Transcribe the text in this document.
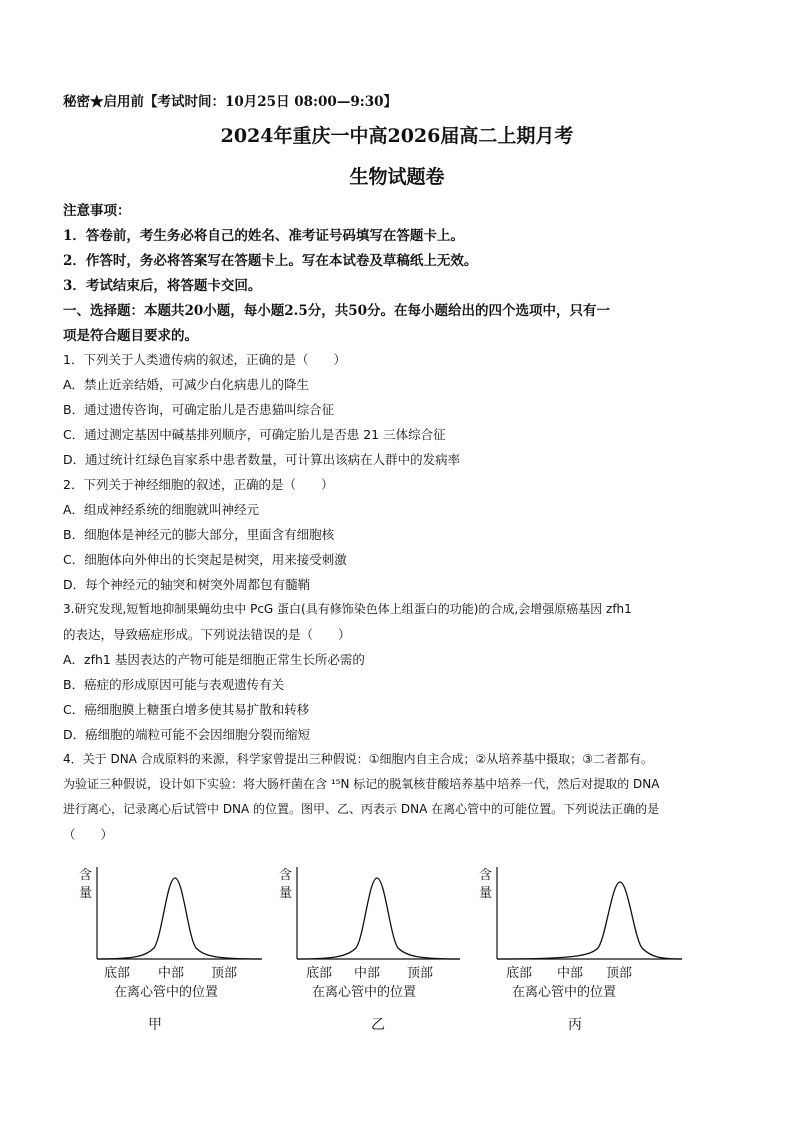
秘密★启用前【考试时间：10月25日 08:00—9:30】
2024年重庆一中高2026届高二上期月考
生物试题卷
注意事项：
1．答卷前，考生务必将自己的姓名、准考证号码填写在答题卡上。
2．作答时，务必将答案写在答题卡上。写在本试卷及草稿纸上无效。
3．考试结束后，将答题卡交回。
一、选择题：本题共20小题，每小题2.5分，共50分。在每小题给出的四个选项中，只有一
项是符合题目要求的。
1．下列关于人类遗传病的叙述，正确的是（　　）
A．禁止近亲结婚，可减少白化病患儿的降生
B．通过遗传咨询，可确定胎儿是否患猫叫综合征
C．通过测定基因中碱基排列顺序，可确定胎儿是否患 21 三体综合征
D．通过统计红绿色盲家系中患者数量，可计算出该病在人群中的发病率
2．下列关于神经细胞的叙述，正确的是（　　）
A．组成神经系统的细胞就叫神经元
B．细胞体是神经元的膨大部分，里面含有细胞核
C．细胞体向外伸出的长突起是树突，用来接受刺激
D．每个神经元的轴突和树突外周都包有髓鞘
3.研究发现,短暂地抑制果蝇幼虫中 PcG 蛋白(具有修饰染色体上组蛋白的功能)的合成,会增强原癌基因 zfh1
的表达，导致癌症形成。下列说法错误的是（　　）
A．zfh1 基因表达的产物可能是细胞正常生长所必需的
B．癌症的形成原因可能与表观遗传有关
C．癌细胞膜上糖蛋白增多使其易扩散和转移
D．癌细胞的端粒可能不会因细胞分裂而缩短
4．关于 DNA 合成原料的来源，科学家曾提出三种假说：①细胞内自主合成；②从培养基中摄取；③二者都有。
为验证三种假说，设计如下实验：将大肠杆菌在含 ¹⁵N 标记的脱氧核苷酸培养基中培养一代，然后对提取的 DNA
进行离心，记录离心后试管中 DNA 的位置。图甲、乙、丙表示 DNA 在离心管中的可能位置。下列说法正确的是
（　　）
含
量
底部 中部 顶部
在离心管中的位置
甲
含
量
底部 中部 顶部
在离心管中的位置
乙
含
量
底部 中部 顶部
在离心管中的位置
丙
